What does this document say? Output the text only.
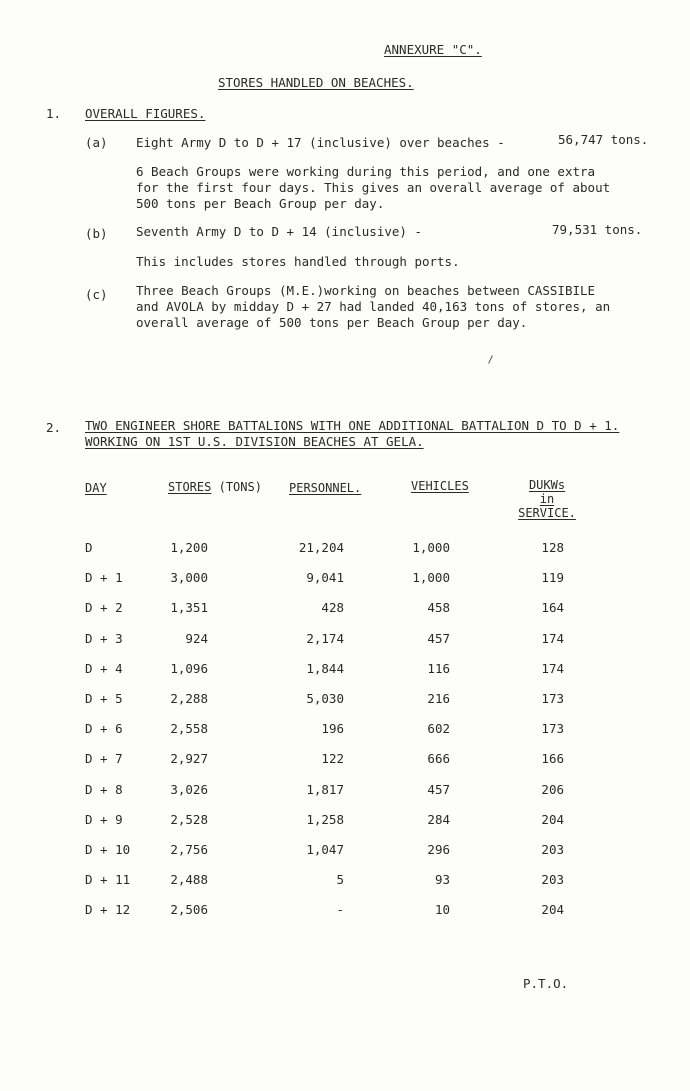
ANNEXURE "C".
STORES HANDLED ON BEACHES.
1. OVERALL FIGURES.
(a) Eight Army D to D + 17 (inclusive) over beaches -	56,747 tons.
6 Beach Groups were working during this period, and one extra for the first four days. This gives an overall average of about 500 tons per Beach Group per day.
(b) Seventh Army D to D + 14 (inclusive) -	79,531 tons.
This includes stores handled through ports.
(c) Three Beach Groups (M.E.)working on beaches between CASSIBILE and AVOLA by midday D + 27 had landed 40,163 tons of stores, an overall average of 500 tons per Beach Group per day.
2. TWO ENGINEER SHORE BATTALIONS WITH ONE ADDITIONAL BATTALION D TO D + 1.
WORKING ON 1ST U.S. DIVISION BEACHES AT GELA.
DAY	STORES (TONS) PERSONNEL.	VEHICLES	DUKWs
in
SERVICE.
D	1,200	21,204	1,000	128
D + 1	3,000	9,041	1,000	119
D + 2	1,351	428	458	164
D + 3	924	2,174	457	174
D + 4	1,096	1,844	116	174
D + 5	2,288	5,030	216	173
D + 6	2,558	196	602	173
D + 7	2,927	122	666	166
D + 8	3,026	1,817	457	206
D + 9	2,528	1,258	284	204
D + 10	2,756	1,047	296	203
D + 11	2,488	5	93	203
D + 12	2,506	-	10	204
P.T.O.
